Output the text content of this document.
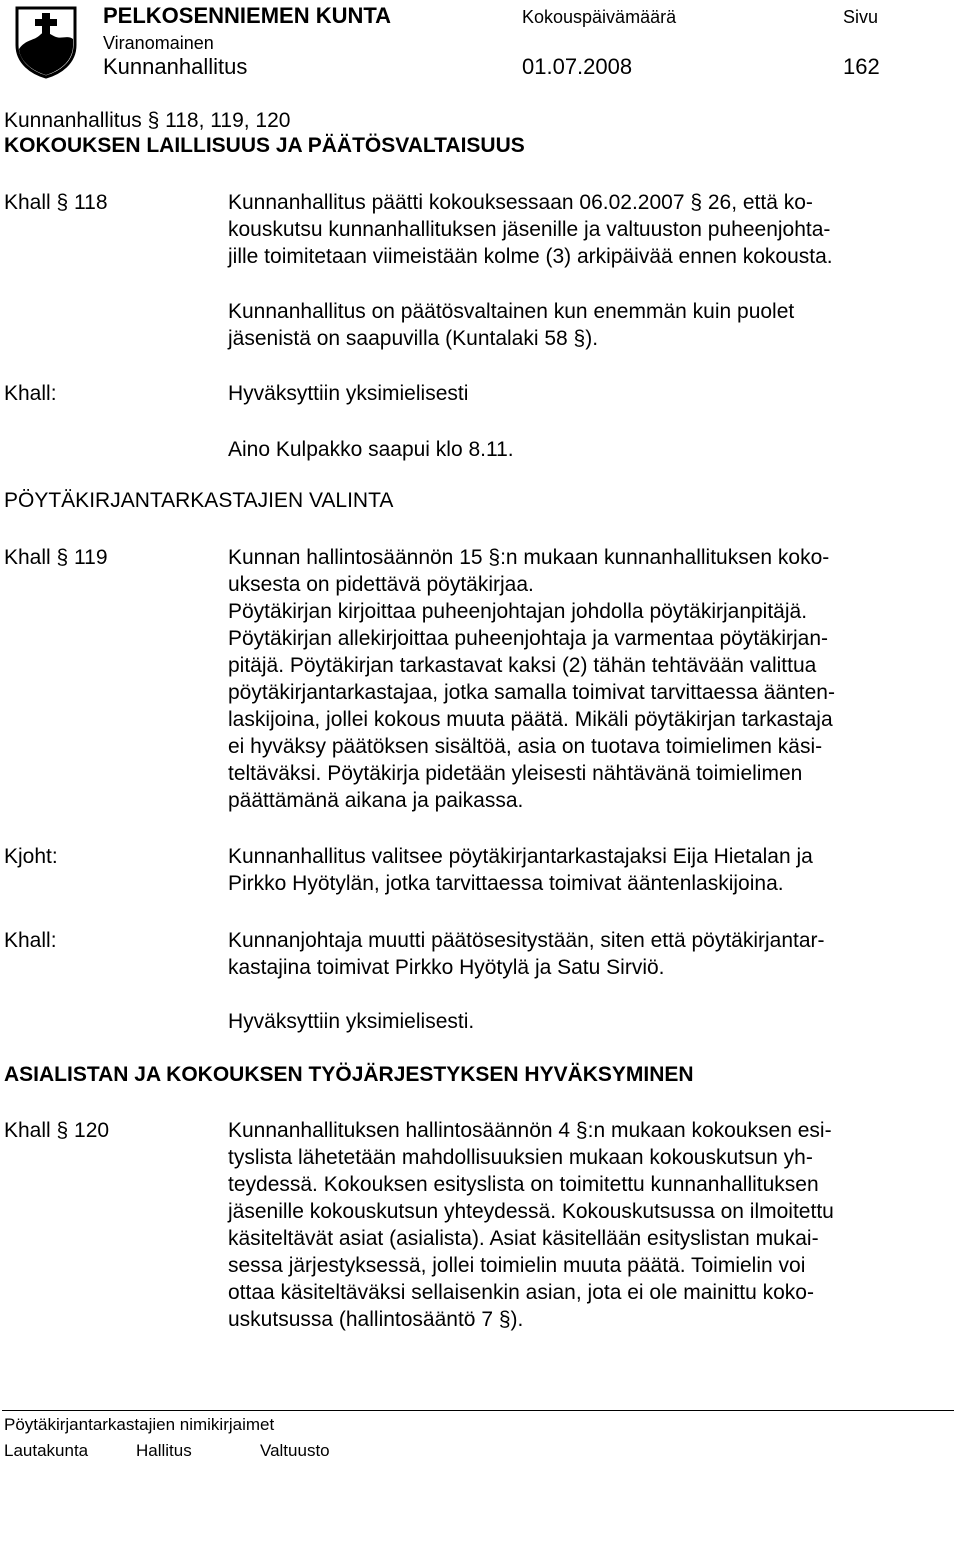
PELKOSENNIEMEN KUNTA
Viranomainen
Kunnanhallitus
Kokouspäivämäärä
01.07.2008
Sivu
162
Kunnanhallitus § 118, 119, 120
KOKOUKSEN LAILLISUUS JA PÄÄTÖSVALTAISUUS
Khall § 118	Kunnanhallitus päätti kokouksessaan 06.02.2007 § 26, että ko-

kouskutsu kunnanhallituksen jäsenille ja valtuuston puheenjohta-

jille toimitetaan viimeistään kolme (3) arkipäivää ennen kokousta.

Kunnanhallitus on päätösvaltainen kun enemmän kuin puolet

jäsenistä on saapuvilla (Kuntalaki 58 §).

Khall:	Hyväksyttiin yksimielisesti
Aino Kulpakko saapui klo 8.11.
PÖYTÄKIRJANTARKASTAJIEN VALINTA
Khall § 119	Kunnan hallintosäännön 15 §:n mukaan kunnanhallituksen koko-

uksesta on pidettävä pöytäkirjaa.

Pöytäkirjan kirjoittaa puheenjohtajan johdolla pöytäkirjanpitäjä.

Pöytäkirjan allekirjoittaa puheenjohtaja ja varmentaa pöytäkirjan-

pitäjä. Pöytäkirjan tarkastavat kaksi (2) tähän tehtävään valittua

pöytäkirjantarkastajaa, jotka samalla toimivat tarvittaessa äänten-

laskijoina, jollei kokous muuta päätä. Mikäli pöytäkirjan tarkastaja

ei hyväksy päätöksen sisältöä, asia on tuotava toimielimen käsi-

teltäväksi. Pöytäkirja pidetään yleisesti nähtävänä toimielimen

päättämänä aikana ja paikassa.

Kjoht:	Kunnanhallitus valitsee pöytäkirjantarkastajaksi Eija Hietalan ja

Pirkko Hyötylän, jotka tarvittaessa toimivat ääntenlaskijoina.

Khall:	Kunnanjohtaja muutti päätösesitystään, siten että pöytäkirjantar-

kastajina toimivat Pirkko Hyötylä ja Satu Sirviö.

Hyväksyttiin yksimielisesti.
ASIALISTAN JA KOKOUKSEN TYÖJÄRJESTYKSEN HYVÄKSYMINEN
Khall § 120	Kunnanhallituksen hallintosäännön 4 §:n mukaan kokouksen esi-

tyslista lähetetään mahdollisuuksien mukaan kokouskutsun yh-

teydessä. Kokouksen esityslista on toimitettu kunnanhallituksen

jäsenille kokouskutsun yhteydessä. Kokouskutsussa on ilmoitettu

käsiteltävät asiat (asialista). Asiat käsitellään esityslistan mukai-

sessa järjestyksessä, jollei toimielin muuta päätä. Toimielin voi

ottaa käsiteltäväksi sellaisenkin asian, jota ei ole mainittu koko-

uskutsussa (hallintosääntö 7 §).

Pöytäkirjantarkastajien nimikirjaimet
Lautakunta	Hallitus	Valtuusto
